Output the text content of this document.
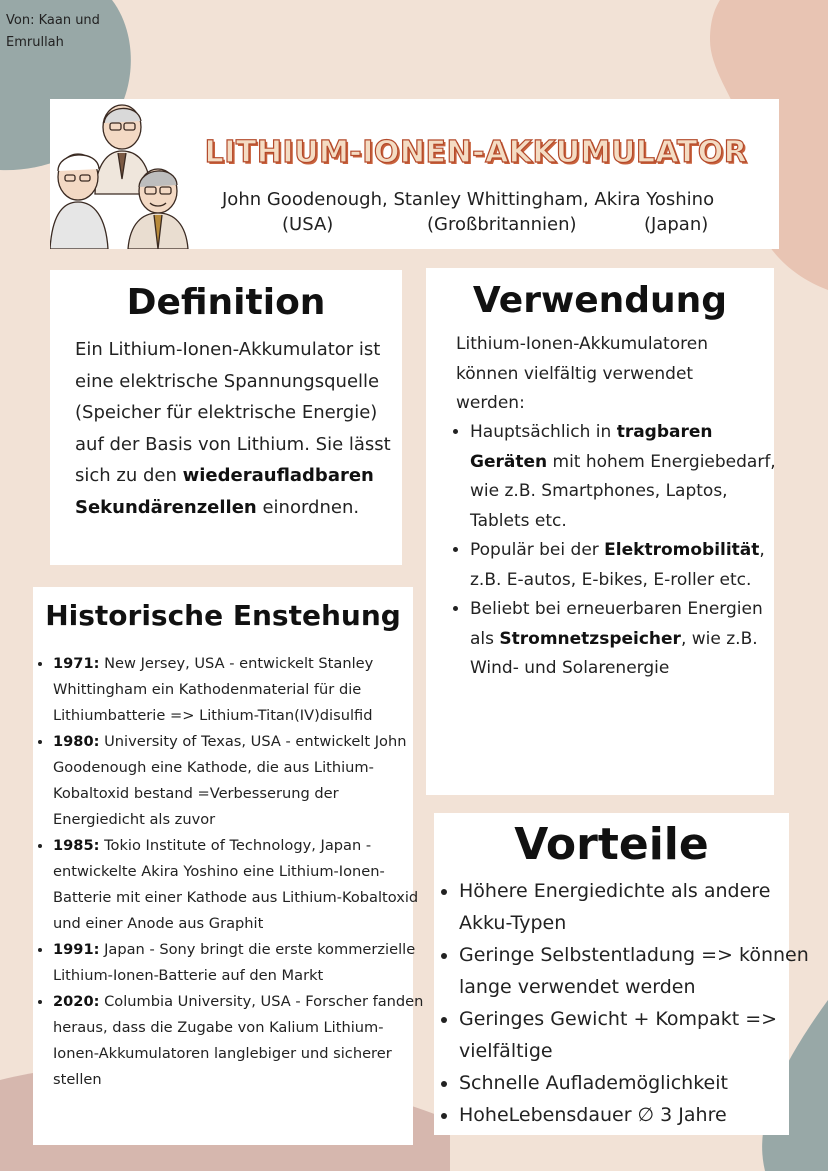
Von: Kaan und
Emrullah
LITHIUM-IONEN-AKKUMULATOR
John Goodenough, Stanley Whittingham, Akira Yoshino
(USA)	(Großbritannien)	(Japan)
Definition
Ein Lithium-Ionen-Akkumulator ist eine elektrische Spannungsquelle (Speicher für elektrische Energie) auf der Basis von Lithium. Sie lässt sich zu den wiederaufladbaren Sekundärenzellen einordnen.
Verwendung
Lithium-Ionen-Akkumulatoren können vielfältig verwendet werden:
• Hauptsächlich in tragbaren Geräten mit hohem Energiebedarf, wie z.B. Smartphones, Laptos, Tablets etc.
• Populär bei der Elektromobilität, z.B. E-autos, E-bikes, E-roller etc.
• Beliebt bei erneuerbaren Energien als Stromnetzspeicher, wie z.B. Wind- und Solarenergie
Historische Enstehung
• 1971: New Jersey, USA - entwickelt Stanley Whittingham ein Kathodenmaterial für die Lithiumbatterie => Lithium-Titan(IV)disulfid
• 1980: University of Texas, USA - entwickelt John Goodenough eine Kathode, die aus Lithium-Kobaltoxid bestand =Verbesserung der Energiedicht als zuvor
• 1985: Tokio Institute of Technology, Japan - entwickelte Akira Yoshino eine Lithium-Ionen-Batterie mit einer Kathode aus Lithium-Kobaltoxid und einer Anode aus Graphit
• 1991: Japan - Sony bringt die erste kommerzielle Lithium-Ionen-Batterie auf den Markt
• 2020: Columbia University, USA - Forscher fanden heraus, dass die Zugabe von Kalium Lithium-Ionen-Akkumulatoren langlebiger und sicherer stellen
Vorteile
• Höhere Energiedichte als andere Akku-Typen
• Geringe Selbstentladung => können lange verwendet werden
• Geringes Gewicht + Kompakt => vielfältige
• Schnelle Auflademöglichkeit
• HoheLebensdauer ∅ 3 Jahre
